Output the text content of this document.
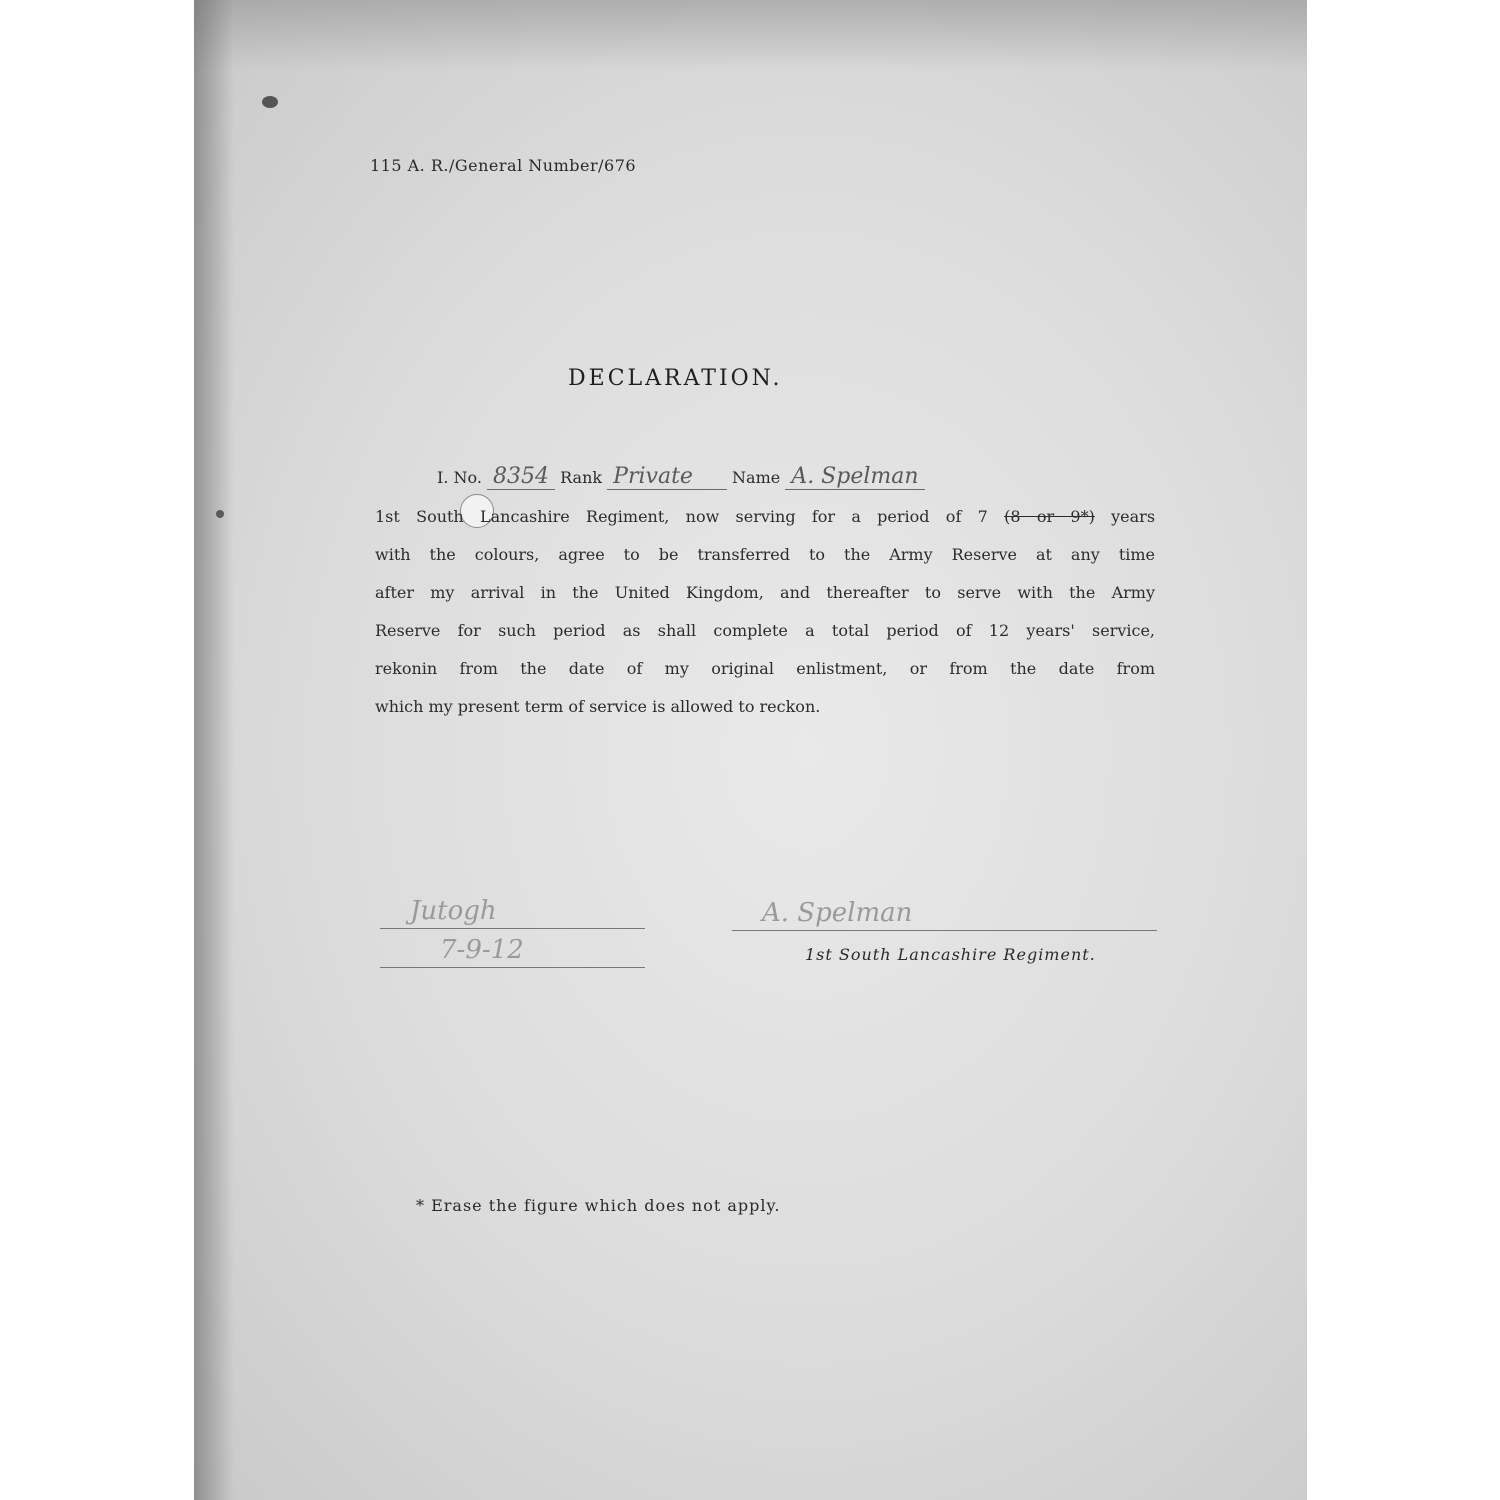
115 A. R./General Number/676
DECLARATION.
I. No. 8354 Rank Private Name A. Spelman
1st South Lancashire Regiment, now serving for a period of 7 (8 or 9*) years
with the colours, agree to be transferred to the Army Reserve at any time
after my arrival in the United Kingdom, and thereafter to serve with the Army
Reserve for such period as shall complete a total period of 12 years' service,
rekonin from the date of my original enlistment, or from the date from
which my present term of service is allowed to reckon.
Jutogh
7-9-12
A. Spelman
1st South Lancashire Regiment.
* Erase the figure which does not apply.
